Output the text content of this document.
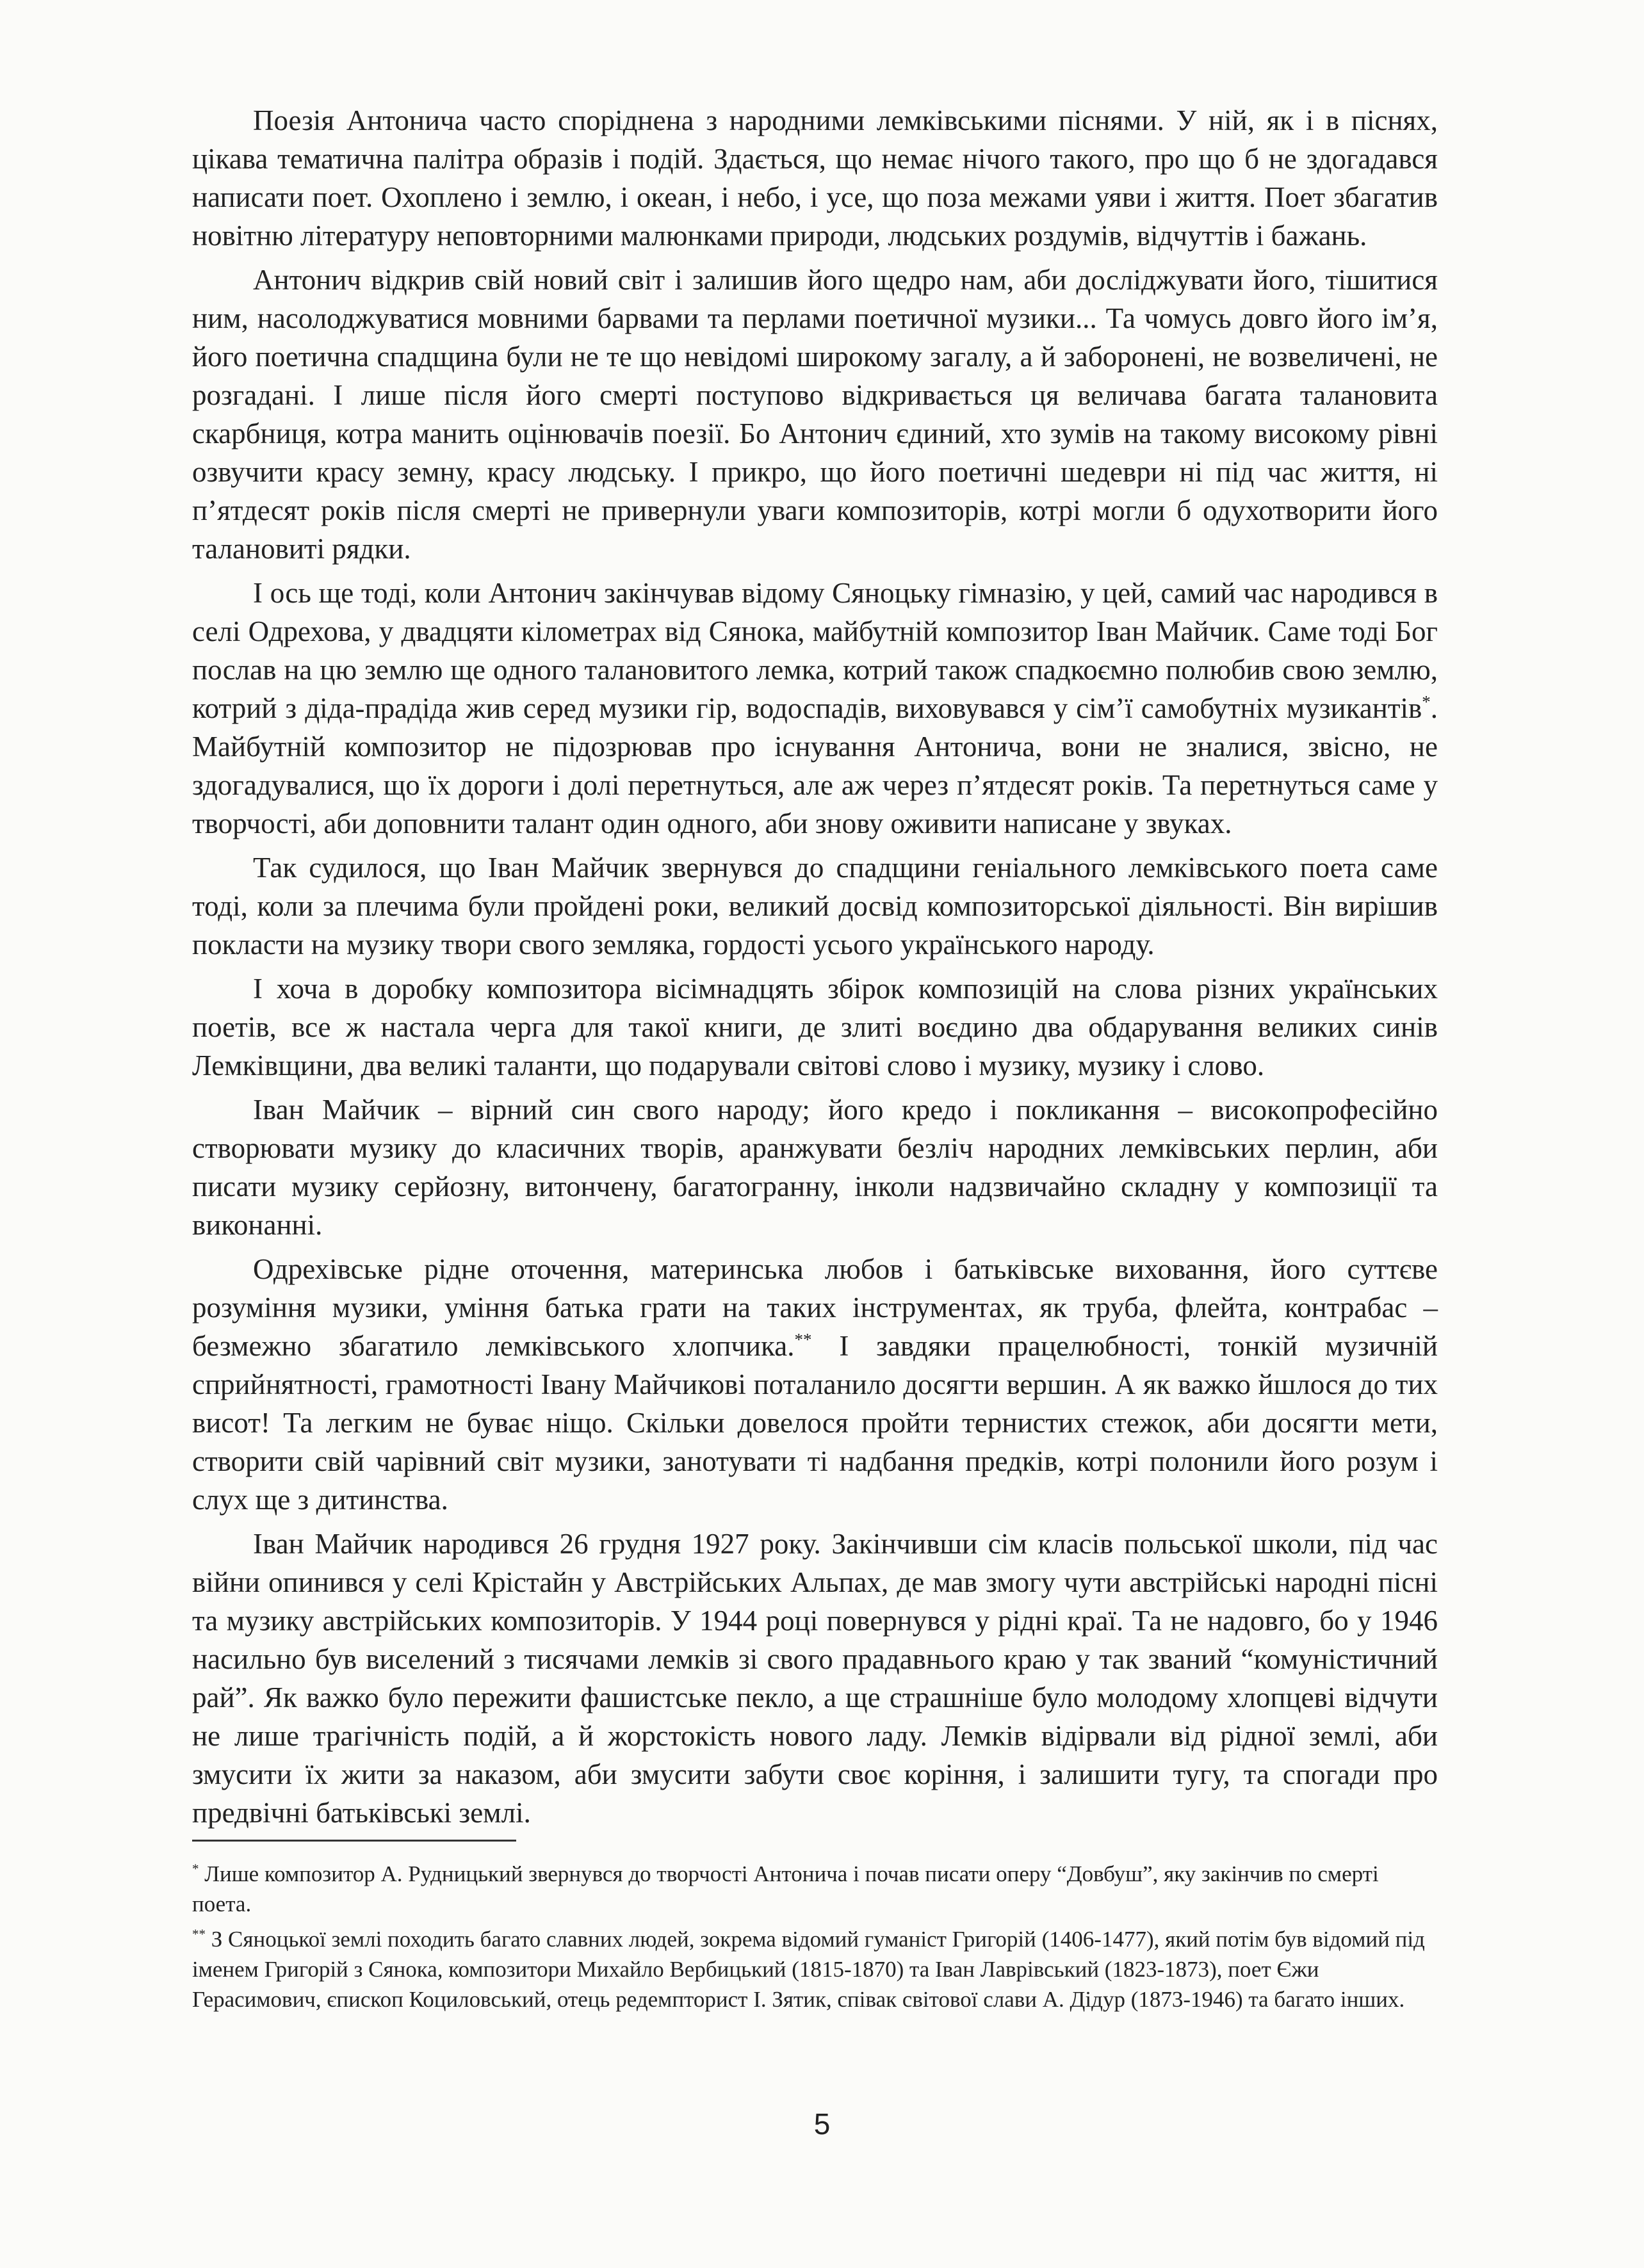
Поезія Антонича часто споріднена з народними лемківськими піснями. У ній, як і в піснях, цікава тематична палітра образів і подій. Здається, що немає нічого такого, про що б не здогадався написати поет. Охоплено і землю, і океан, і небо, і усе, що поза межами уяви і життя. Поет збагатив новітню літературу неповторними малюнками природи, людських роздумів, відчуттів і бажань.

Антонич відкрив свій новий світ і залишив його щедро нам, аби досліджувати його, тішитися ним, насолоджуватися мовними барвами та перлами поетичної музики... Та чомусь довго його ім’я, його поетична спадщина були не те що невідомі широкому загалу, а й заборонені, не возвеличені, не розгадані. І лише після його смерті поступово відкривається ця величава багата талановита скарбниця, котра манить оцінювачів поезії. Бо Антонич єдиний, хто зумів на такому високому рівні озвучити красу земну, красу людську. І прикро, що його поетичні шедеври ні під час життя, ні п’ятдесят років після смерті не привернули уваги композиторів, котрі могли б одухотворити його талановиті рядки.

І ось ще тоді, коли Антонич закінчував відому Сяноцьку гімназію, у цей, самий час народився в селі Одрехова, у двадцяти кілометрах від Сянока, майбутній композитор Іван Майчик. Саме тоді Бог послав на цю землю ще одного талановитого лемка, котрий також спадкоємно полюбив свою землю, котрий з діда-прадіда жив серед музики гір, водоспадів, виховувався у сім’ї самобутніх музикантів*. Майбутній композитор не підозрював про існування Антонича, вони не зналися, звісно, не здогадувалися, що їх дороги і долі перетнуться, але аж через п’ятдесят років. Та перетнуться саме у творчості, аби доповнити талант один одного, аби знову оживити написане у звуках.

Так судилося, що Іван Майчик звернувся до спадщини геніального лемківського поета саме тоді, коли за плечима були пройдені роки, великий досвід композиторської діяльності. Він вирішив покласти на музику твори свого земляка, гордості усього українського народу.

І хоча в доробку композитора вісімнадцять збірок композицій на слова різних українських поетів, все ж настала черга для такої книги, де злиті воєдино два обдарування великих синів Лемківщини, два великі таланти, що подарували світові слово і музику, музику і слово.

Іван Майчик – вірний син свого народу; його кредо і покликання – висoкoпрофесійно створювати музику до класичних творів, аранжувати безліч народних лемківських перлин, аби писати музику серйозну, витончену, багатогранну, інколи надзвичайно складну у композиції та виконанні.

Одрехівське рідне оточення, материнська любов і батьківське виховання, його суттєве розуміння музики, уміння батька грати на таких інструментах, як труба, флейта, контрабас – безмежно збагатило лемківського хлопчика.** І завдяки працелюбності, тонкій музичній сприйнятності, грамотності Івану Майчикові поталанило досягти вершин. А як важко йшлося до тих висот! Та легким не буває ніщо. Скільки довелося пройти тернистих стежок, аби досягти мети, створити свій чарівний світ музики, занотувати ті надбання предків, котрі полонили його розум і слух ще з дитинства.

Іван Майчик народився 26 грудня 1927 року. Закінчивши сім класів польської школи, під час війни опинився у селі Крістайн у Австрійських Альпах, де мав змогу чути австрійські народні пісні та музику австрійських композиторів. У 1944 році повернувся у рідні краї. Та не надовго, бо у 1946 насильно був виселений з тисячами лемків зі свого прадавнього краю у так званий “комуністичний рай”. Як важко було пережити фашистське пекло, а ще страшніше було молодому хлопцеві відчути не лише трагічність подій, а й жорстокість нового ладу. Лемків відірвали від рідної землі, аби змусити їх жити за наказом, аби змусити забути своє коріння, і залишити тугу, та спогади про предвічні батьківські землі.

* Лише композитор А. Рудницький звернувся до творчості Антонича і почав писати оперу “Довбуш”, яку закінчив по смерті поета.

** З Сяноцької землі походить багато славних людей, зокрема відомий гуманіст Григорій (1406-1477), який потім був відомий під іменем Григорій з Сянока, композитори Михайло Вербицький (1815-1870) та Іван Лаврівський (1823-1873), поет Єжи Герасимович, єпископ Коциловський, отець редемпторист І. Зятик, співак світової слави А. Дідур (1873-1946) та багато інших.

5
